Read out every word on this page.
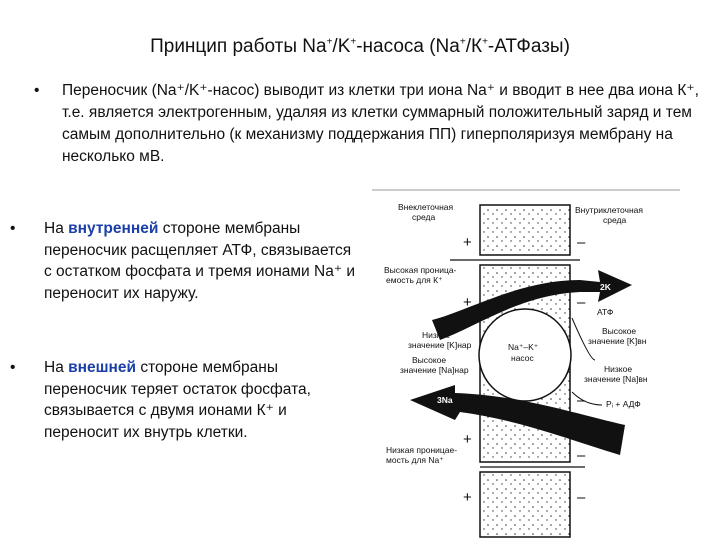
Принцип работы Na+/K+-насоса (Na+/К+-АТФазы)
• Переносчик (Na⁺/K⁺-насос) выводит из клетки три иона Na⁺ и вводит в нее два иона К⁺, т.е. является электрогенным, удаляя из клетки суммарный положительный заряд и тем самым дополнительно (к механизму поддержания ПП) гиперполяризуя мембрану на несколько мВ.
• На внутренней стороне мембраны переносчик расщепляет АТФ, связывается с остатком фосфата и тремя ионами Na⁺ и переносит их наружу.
• На внешней стороне мембраны переносчик теряет остаток фосфата, связывается с двумя ионами К⁺ и переносит их внутрь клетки.
2K
3Na
Внеклеточная
среда
Внутриклеточная
среда
Высокая проница-
емость для К⁺
Низкое
значение [K]нар
Высокое
значение [Na]нар
Высокое
значение [K]вн
Низкое
значение [Na]вн
Na⁺–K⁺
насос
АТФ
Pᵢ + АДФ
Низкая проницае-
мость для Na⁺
+
+
+
+
–
–
–
–
–
